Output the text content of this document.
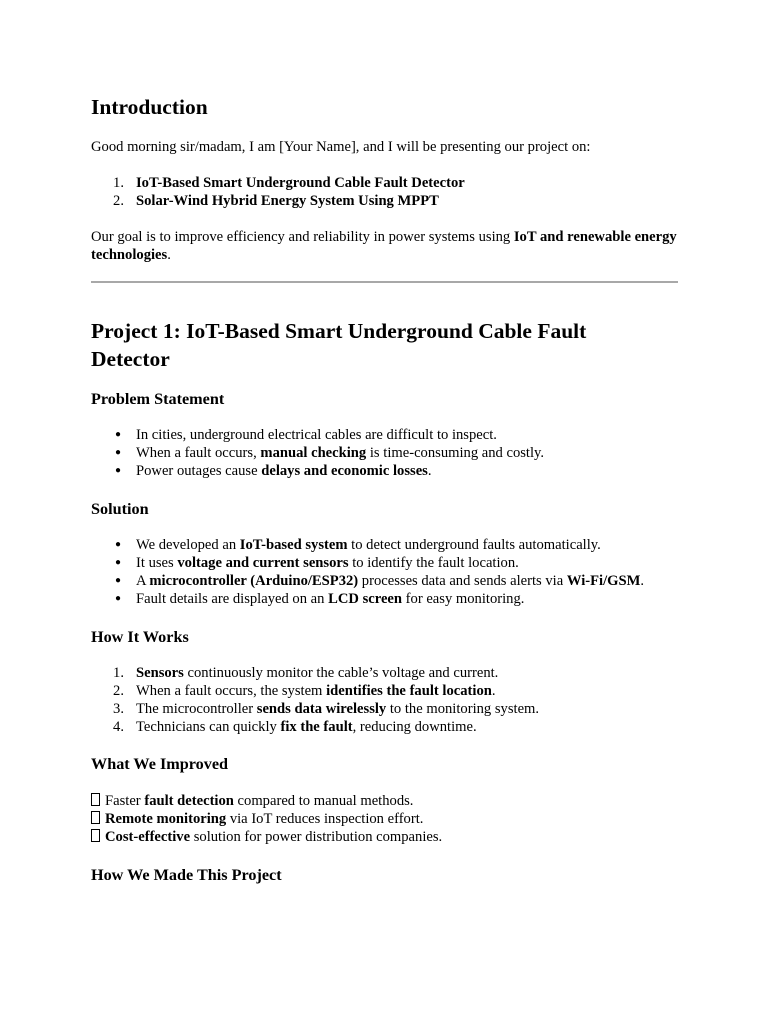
Introduction

Good morning sir/madam, I am [Your Name], and I will be presenting our project on:

1. IoT-Based Smart Underground Cable Fault Detector
2. Solar-Wind Hybrid Energy System Using MPPT

Our goal is to improve efficiency and reliability in power systems using IoT and renewable energy technologies.

Project 1: IoT-Based Smart Underground Cable Fault Detector
Problem Statement
● In cities, underground electrical cables are difficult to inspect.
● When a fault occurs, manual checking is time-consuming and costly.
● Power outages cause delays and economic losses.
Solution
● We developed an IoT-based system to detect underground faults automatically.
● It uses voltage and current sensors to identify the fault location.
● A microcontroller (Arduino/ESP32) processes data and sends alerts via Wi-Fi/GSM.
● Fault details are displayed on an LCD screen for easy monitoring.
How It Works
1. Sensors continuously monitor the cable’s voltage and current.
2. When a fault occurs, the system identifies the fault location.
3. The microcontroller sends data wirelessly to the monitoring system.
4. Technicians can quickly fix the fault, reducing downtime.
What We Improved

Faster fault detection compared to manual methods.
Remote monitoring via IoT reduces inspection effort.
Cost-effective solution for power distribution companies.

How We Made This Project
